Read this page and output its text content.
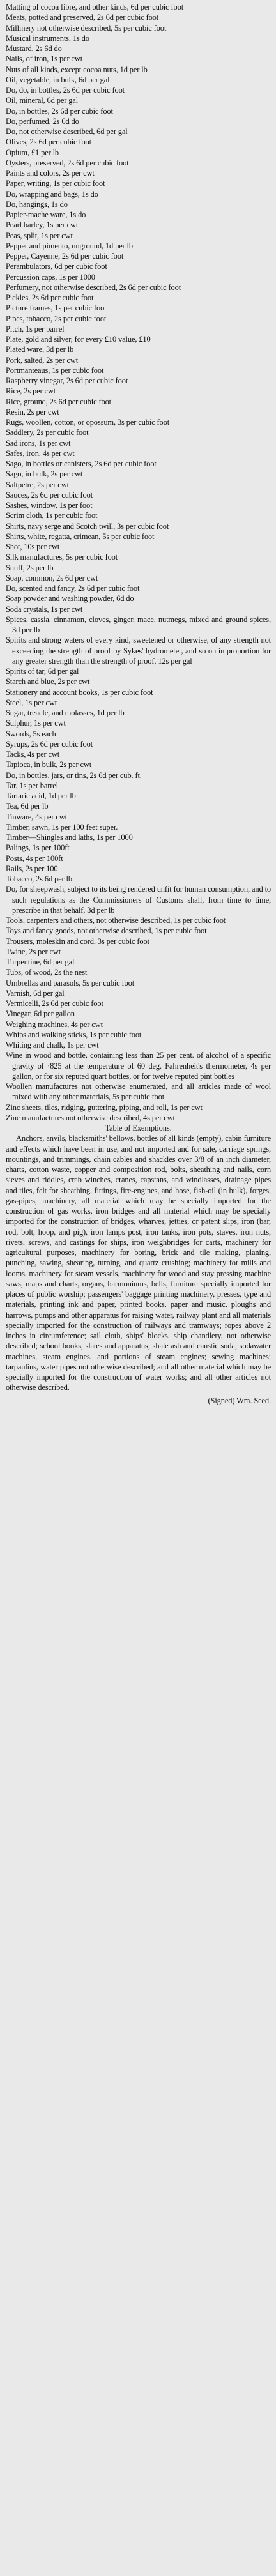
Matting of cocoa fibre, and other kinds, 6d per cubic foot

Meats, potted and preserved, 2s 6d per cubic foot

Millinery not otherwise described, 5s per cubic foot

Musical instruments, 1s do

Mustard, 2s 6d do

Nails, of iron, 1s per cwt

Nuts of all kinds, except cocoa nuts, 1d per lb

Oil, vegetable, in bulk, 6d per gal

Do, do, in bottles, 2s 6d per cubic foot

Oil, mineral, 6d per gal

Do, in bottles, 2s 6d per cubic foot

Do, perfumed, 2s 6d do

Do, not otherwise described, 6d per gal

Olives, 2s 6d per cubic foot

Opium, £1 per lb

Oysters, preserved, 2s 6d per cubic foot

Paints and colors, 2s per cwt

Paper, writing, 1s per cubic foot

Do, wrapping and bags, 1s do

Do, hangings, 1s do

Papier-mache ware, 1s do

Pearl barley, 1s per cwt

Peas, split, 1s per cwt

Pepper and pimento, unground, 1d per lb

Pepper, Cayenne, 2s 6d per cubic foot

Perambulators, 6d per cubic foot

Percussion caps, 1s per 1000

Perfumery, not otherwise described, 2s 6d per cubic foot

Pickles, 2s 6d per cubic foot

Picture frames, 1s per cubic foot

Pipes, tobacco, 2s per cubic foot

Pitch, 1s per barrel

Plate, gold and silver, for every £10 value, £10

Plated ware, 3d per lb

Pork, salted, 2s per cwt

Portmanteaus, 1s per cubic foot

Raspberry vinegar, 2s 6d per cubic foot

Rice, 2s per cwt

Rice, ground, 2s 6d per cubic foot

Resin, 2s per cwt

Rugs, woollen, cotton, or opossum, 3s per cubic foot

Saddlery, 2s per cubic foot

Sad irons, 1s per cwt

Safes, iron, 4s per cwt

Sago, in bottles or canisters, 2s 6d per cubic foot

Sago, in bulk, 2s per cwt

Saltpetre, 2s per cwt

Sauces, 2s 6d per cubic foot

Sashes, window, 1s per foot

Scrim cloth, 1s per cubic foot

Shirts, navy serge and Scotch twill, 3s per cubic foot

Shirts, white, regatta, crimean, 5s per cubic foot

Shot, 10s per cwt

Silk manufactures, 5s per cubic foot

Snuff, 2s per lb

Soap, common, 2s 6d per cwt

Do, scented and fancy, 2s 6d per cubic foot

Soap powder and washing powder, 6d do

Soda crystals, 1s per cwt

Spices, cassia, cinnamon, cloves, ginger, mace, nutmegs, mixed and ground spices, 3d per lb

Spirits and strong waters of every kind, sweetened or otherwise, of any strength not exceeding the strength of proof by Sykes' hydrometer, and so on in proportion for any greater strength than the strength of proof, 12s per gal

Spirits of tar, 6d per gal

Starch and blue, 2s per cwt

Stationery and account books, 1s per cubic foot

Steel, 1s per cwt

Sugar, treacle, and molasses, 1d per lb

Sulphur, 1s per cwt

Swords, 5s each

Syrups, 2s 6d per cubic foot

Tacks, 4s per cwt

Tapioca, in bulk, 2s per cwt

Do, in bottles, jars, or tins, 2s 6d per cub. ft.

Tar, 1s per barrel

Tartaric acid, 1d per lb

Tea, 6d per lb

Tinware, 4s per cwt

Timber, sawn, 1s per 100 feet super.

Timber—Shingles and laths, 1s per 1000

Palings, 1s per 100ft

Posts, 4s per 100ft

Rails, 2s per 100

Tobacco, 2s 6d per lb

Do, for sheepwash, subject to its being rendered unfit for human consumption, and to such regulations as the Commissioners of Customs shall, from time to time, prescribe in that behalf, 3d per lb

Tools, carpenters and others, not otherwise described, 1s per cubic foot

Toys and fancy goods, not otherwise described, 1s per cubic foot

Trousers, moleskin and cord, 3s per cubic foot

Twine, 2s per cwt

Turpentine, 6d per gal

Tubs, of wood, 2s the nest

Umbrellas and parasols, 5s per cubic foot

Varnish, 6d per gal

Vermicelli, 2s 6d per cubic foot

Vinegar, 6d per gallon

Weighing machines, 4s per cwt

Whips and walking sticks, 1s per cubic foot

Whiting and chalk, 1s per cwt

Wine in wood and bottle, containing less than 25 per cent. of alcohol of a specific gravity of ·825 at the temperature of 60 deg. Fahrenheit's thermometer, 4s per gallon, or for six reputed quart bottles, or for twelve reputed pint bottles

Woollen manufactures not otherwise enumerated, and all articles made of wool mixed with any other materials, 5s per cubic foot

Zinc sheets, tiles, ridging, guttering, piping, and roll, 1s per cwt

Zinc manufactures not otherwise described, 4s per cwt

Table of Exemptions.

Anchors, anvils, blacksmiths' bellows, bottles of all kinds (empty), cabin furniture and effects which have been in use, and not imported and for sale, carriage springs, mountings, and trimmings, chain cables and shackles over 3/8 of an inch diameter, charts, cotton waste, copper and composition rod, bolts, sheathing and nails, corn sieves and riddles, crab winches, cranes, capstans, and windlasses, drainage pipes and tiles, felt for sheathing, fittings, fire-engines, and hose, fish-oil (in bulk), forges, gas-pipes, machinery, all material which may be specially imported for the construction of gas works, iron bridges and all material which may be specially imported for the construction of bridges, wharves, jetties, or patent slips, iron (bar, rod, bolt, hoop, and pig), iron lamps post, iron tanks, iron pots, staves, iron nuts, rivets, screws, and castings for ships, iron weighbridges for carts, machinery for agricultural purposes, machinery for boring, brick and tile making, planing, punching, sawing, shearing, turning, and quartz crushing; machinery for mills and looms, machinery for steam vessels, machinery for wood and stay pressing machine saws, maps and charts, organs, harmoniums, bells, furniture specially imported for places of public worship; passengers' baggage printing machinery, presses, type and materials, printing ink and paper, printed books, paper and music, ploughs and harrows, pumps and other apparatus for raising water, railway plant and all materials specially imported for the construction of railways and tramways; ropes above 2 inches in circumference; sail cloth, ships' blocks, ship chandlery, not otherwise described; school books, slates and apparatus; shale ash and caustic soda; sodawater machines, steam engines, and portions of steam engines; sewing machines; tarpaulins, water pipes not otherwise described; and all other material which may be specially imported for the construction of water works; and all other articles not otherwise described.

(Signed) Wm. Seed.
